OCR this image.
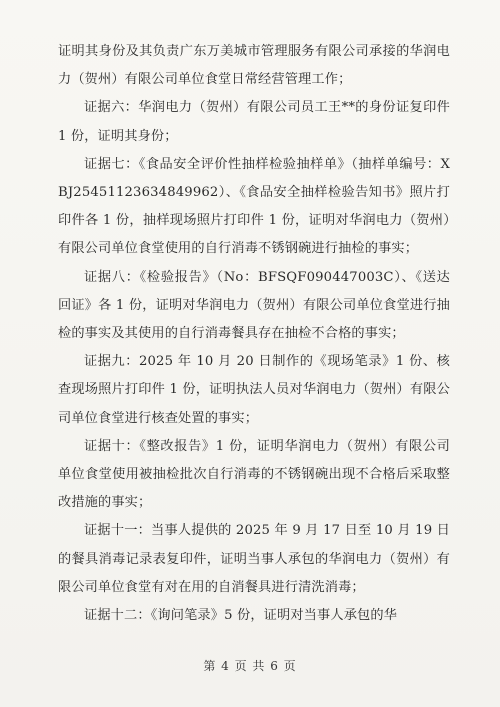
证明其身份及其负责广东万美城市管理服务有限公司承接的华润电力（贺州）有限公司单位食堂日常经营管理工作；

证据六：华润电力（贺州）有限公司员工王**的身份证复印件 1 份，证明其身份；

证据七：《食品安全评价性抽样检验抽样单》（抽样单编号：XBJ25451123634849962）、《食品安全抽样检验告知书》照片打印件各 1 份，抽样现场照片打印件 1 份，证明对华润电力（贺州）有限公司单位食堂使用的自行消毒不锈钢碗进行抽检的事实；

证据八：《检验报告》（No：BFSQF090447003C）、《送达回证》各 1 份，证明对华润电力（贺州）有限公司单位食堂进行抽检的事实及其使用的自行消毒餐具存在抽检不合格的事实；

证据九：2025 年 10 月 20 日制作的《现场笔录》1 份、核查现场照片打印件 1 份，证明执法人员对华润电力（贺州）有限公司单位食堂进行核查处置的事实；

证据十：《整改报告》1 份，证明华润电力（贺州）有限公司单位食堂使用被抽检批次自行消毒的不锈钢碗出现不合格后采取整改措施的事实；

证据十一：当事人提供的 2025 年 9 月 17 日至 10 月 19 日的餐具消毒记录表复印件，证明当事人承包的华润电力（贺州）有限公司单位食堂有对在用的自消餐具进行清洗消毒；

证据十二：《询问笔录》5 份，证明对当事人承包的华

第 4 页 共 6 页
